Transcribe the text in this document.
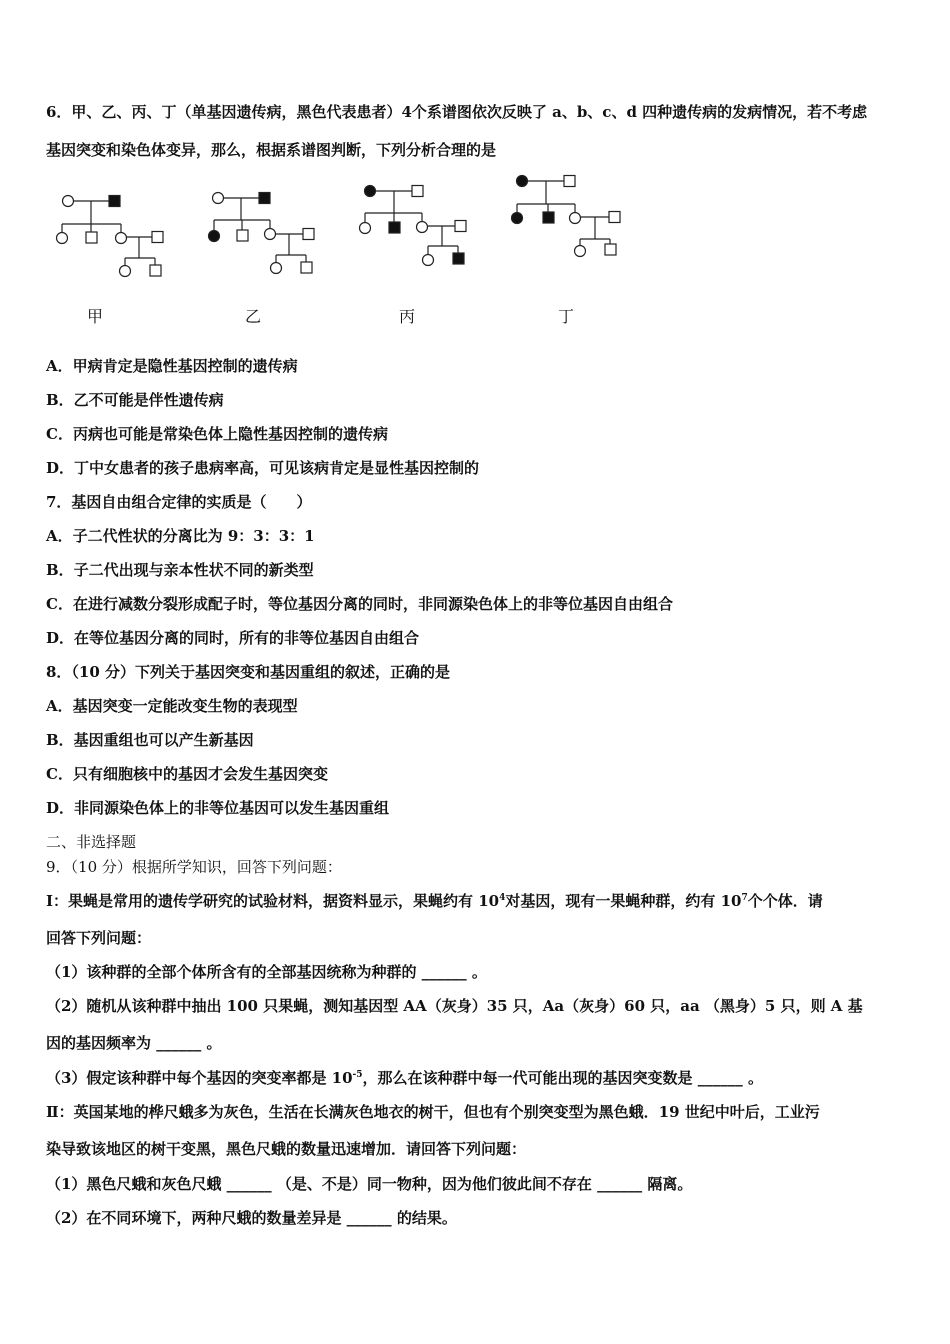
6．甲、乙、丙、丁（单基因遗传病，黑色代表患者）4个系谱图依次反映了 a、b、c、d 四种遗传病的发病情况，若不考虑
基因突变和染色体变异，那么，根据系谱图判断，下列分析合理的是
甲	乙	丙	丁
A．甲病肯定是隐性基因控制的遗传病
B．乙不可能是伴性遗传病
C．丙病也可能是常染色体上隐性基因控制的遗传病
D．丁中女患者的孩子患病率高，可见该病肯定是显性基因控制的
7．基因自由组合定律的实质是（　　）
A．子二代性状的分离比为 9：3：3：1
B．子二代出现与亲本性状不同的新类型
C．在进行减数分裂形成配子时，等位基因分离的同时，非同源染色体上的非等位基因自由组合
D．在等位基因分离的同时，所有的非等位基因自由组合
8．（10 分）下列关于基因突变和基因重组的叙述，正确的是
A．基因突变一定能改变生物的表现型
B．基因重组也可以产生新基因
C．只有细胞核中的基因才会发生基因突变
D．非同源染色体上的非等位基因可以发生基因重组
二、非选择题
9．（10 分）根据所学知识，回答下列问题：
I：果蝇是常用的遗传学研究的试验材料，据资料显示，果蝇约有 $10^4$对基因，现有一果蝇种群，约有 $10^7$个个体．请
回答下列问题：
（1）该种群的全部个体所含有的全部基因统称为种群的 ______ 。
（2）随机从该种群中抽出 100 只果蝇，测知基因型 AA（灰身）35 只，Aa（灰身）60 只，aa （黑身）5 只，则 A 基
因的基因频率为 ______ 。
（3）假定该种群中每个基因的突变率都是 $10^{-5}$，那么在该种群中每一代可能出现的基因突变数是 ______ 。
Ⅱ：英国某地的桦尺蛾多为灰色，生活在长满灰色地衣的树干，但也有个别突变型为黑色蛾．19 世纪中叶后，工业污
染导致该地区的树干变黑，黑色尺蛾的数量迅速增加．请回答下列问题：
（1）黑色尺蛾和灰色尺蛾 ______ （是、不是）同一物种，因为他们彼此间不存在 ______ 隔离。
（2）在不同环境下，两种尺蛾的数量差异是 ______ 的结果。
